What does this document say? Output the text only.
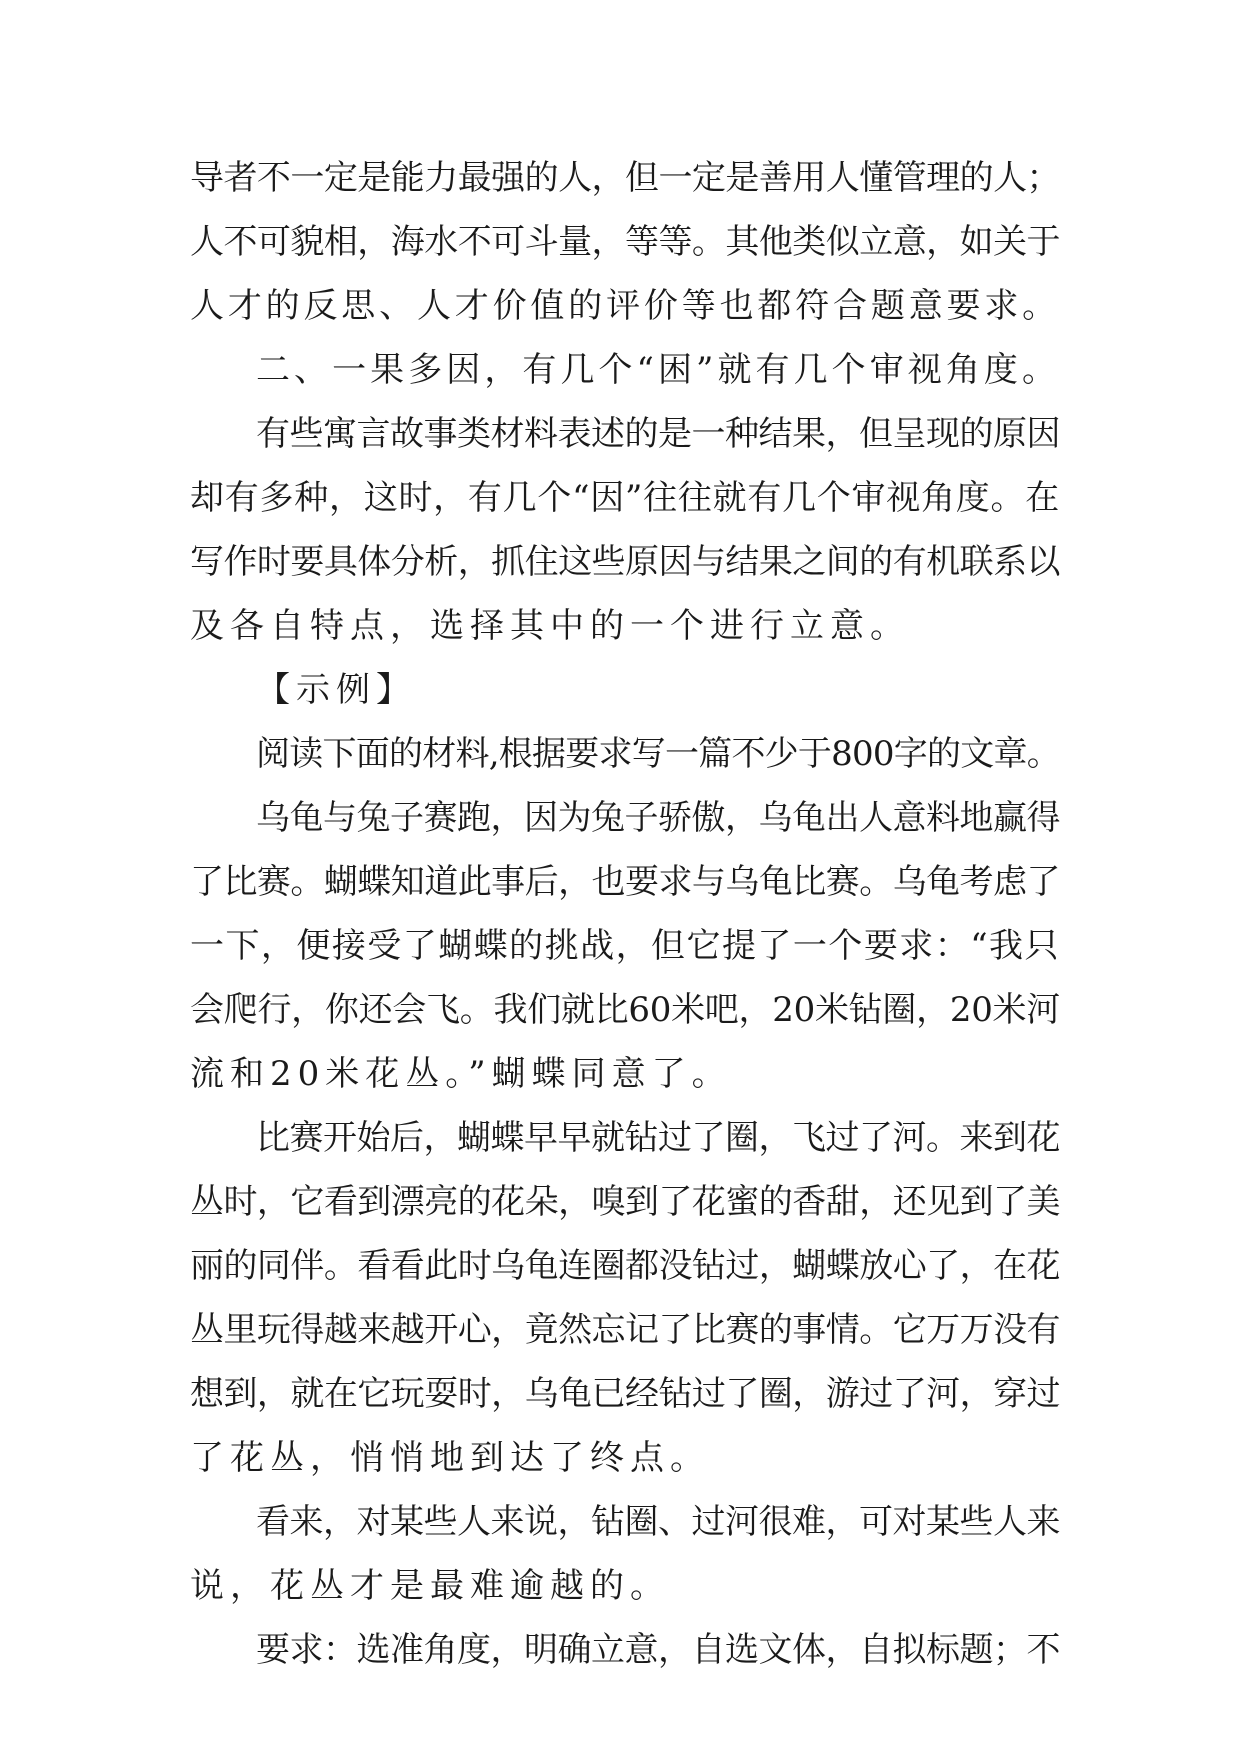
导者不一定是能力最强的人，但一定是善用人懂管理的人；
人不可貌相，海水不可斗量，等等。其他类似立意，如关于
人才的反思、人才价值的评价等也都符合题意要求。
二、一果多因，有几个“困”就有几个审视角度。
有些寓言故事类材料表述的是一种结果，但呈现的原因
却有多种，这时，有几个“因”往往就有几个审视角度。在
写作时要具体分析，抓住这些原因与结果之间的有机联系以
及各自特点，选择其中的一个进行立意。
【示例】
阅读下面的材料,根据要求写一篇不少于800字的文章。
乌龟与兔子赛跑，因为兔子骄傲，乌龟出人意料地赢得
了比赛。蝴蝶知道此事后，也要求与乌龟比赛。乌龟考虑了
一下，便接受了蝴蝶的挑战，但它提了一个要求：“我只
会爬行，你还会飞。我们就比60米吧，20米钻圈，20米河
流和20米花丛。”蝴蝶同意了。
比赛开始后，蝴蝶早早就钻过了圈，飞过了河。来到花
丛时，它看到漂亮的花朵，嗅到了花蜜的香甜，还见到了美
丽的同伴。看看此时乌龟连圈都没钻过，蝴蝶放心了，在花
丛里玩得越来越开心，竟然忘记了比赛的事情。它万万没有
想到，就在它玩耍时，乌龟已经钻过了圈，游过了河，穿过
了花丛，悄悄地到达了终点。
看来，对某些人来说，钻圈、过河很难，可对某些人来
说，花丛才是最难逾越的。
要求：选准角度，明确立意，自选文体，自拟标题；不
